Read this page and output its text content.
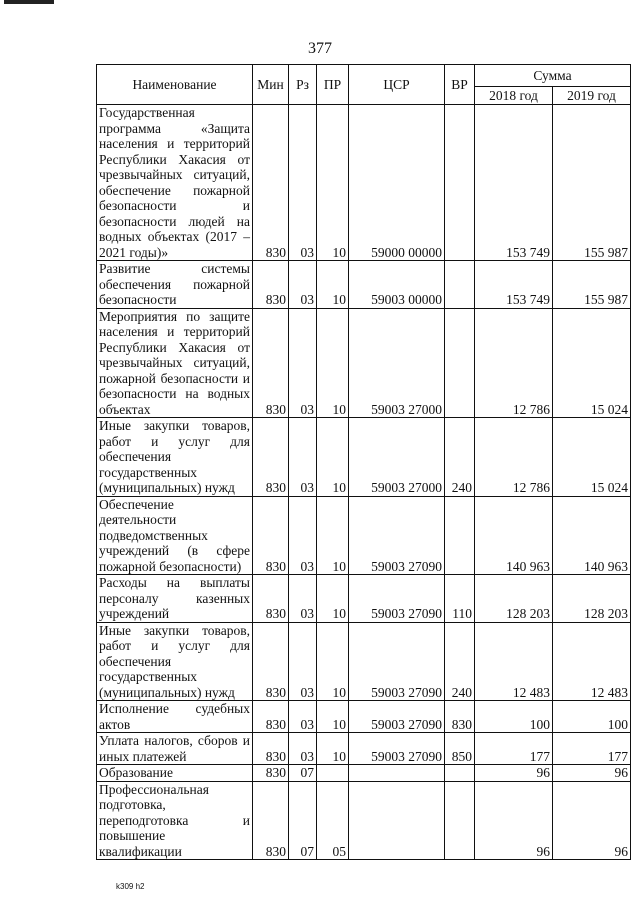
377
Наименование	Мин	Рз	ПР	ЦСР	ВР	Сумма	
						2018 год	2019 год
Государственная программа «Защита населения и территорий Республики Хакасия от чрезвычайных ситуаций, обеспечение пожарной безопасности и безопасности людей на водных объектах (2017 – 2021 годы)»	830	03	10	59000 00000		153 749	155 987
Развитие системы обеспечения пожарной безопасности	830	03	10	59003 00000		153 749	155 987
Мероприятия по защите населения и территорий Республики Хакасия от чрезвычайных ситуаций, пожарной безопасности и безопасности на водных объектах	830	03	10	59003 27000		12 786	15 024
Иные закупки товаров, работ и услуг для обеспечения государственных (муниципальных) нужд	830	03	10	59003 27000	240	12 786	15 024
Обеспечение деятельности подведомственных учреждений (в сфере пожарной безопасности)	830	03	10	59003 27090		140 963	140 963
Расходы на выплаты персоналу казенных учреждений	830	03	10	59003 27090	110	128 203	128 203
Иные закупки товаров, работ и услуг для обеспечения государственных (муниципальных) нужд	830	03	10	59003 27090	240	12 483	12 483
Исполнение судебных актов	830	03	10	59003 27090	830	100	100
Уплата налогов, сборов и иных платежей	830	03	10	59003 27090	850	177	177
Образование	830	07				96	96
Профессиональная подготовка, переподготовка и повышение квалификации	830	07	05			96	96
k309 h2
